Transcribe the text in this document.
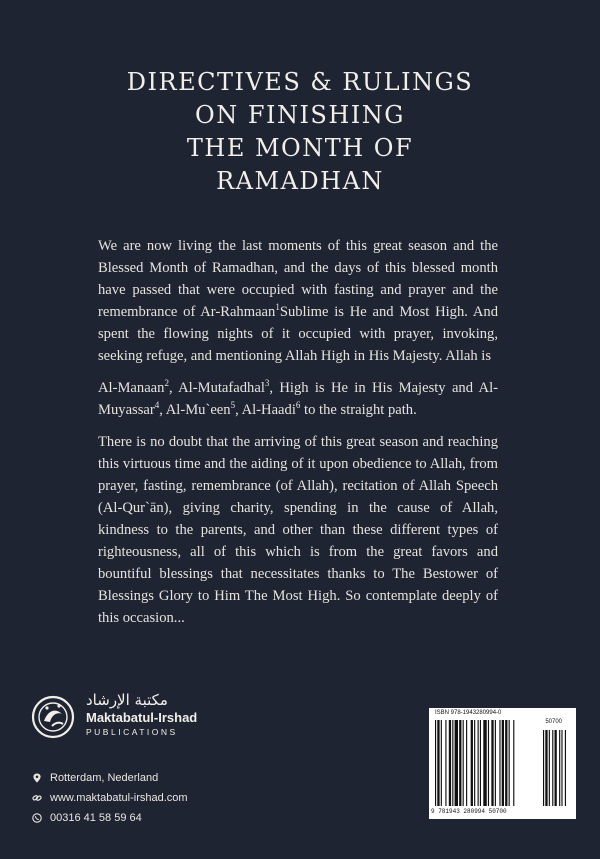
DIRECTIVES & RULINGS
ON FINISHING
THE MONTH OF
RAMADHAN

We are now living the last moments of this great season and the Blessed Month of Ramadhan, and the days of this blessed month have passed that were occupied with fasting and prayer and the remembrance of Ar-Rahmaan$^1$Sublime is He and Most High. And spent the flowing nights of it occupied with prayer, invoking, seeking refuge, and mentioning Allah High in His Majesty. Allah is

Al-Manaan$^2$, Al-Mutafadhal$^3$, High is He in His Majesty and Al-Muyassar$^4$, Al-Mu`een$^5$, Al-Haadi$^6$ to the straight path.

There is no doubt that the arriving of this great season and reaching this virtuous time and the aiding of it upon obedience to Allah, from prayer, fasting, remembrance (of Allah), recitation of Allah Speech (Al-Qur`ān), giving charity, spending in the cause of Allah, kindness to the parents, and other than these different types of righteousness, all of this which is from the great favors and bountiful blessings that necessitates thanks to The Bestower of Blessings Glory to Him The Most High. So contemplate deeply of this occasion...

مكتبة الإرشاد
Maktabatul-Irshad
PUBLICATIONS
Rotterdam, Nederland
www.maktabatul-irshad.com
00316 41 58 59 64
ISBN 978-1943280994-0
50700
9 781943 280994 50700
